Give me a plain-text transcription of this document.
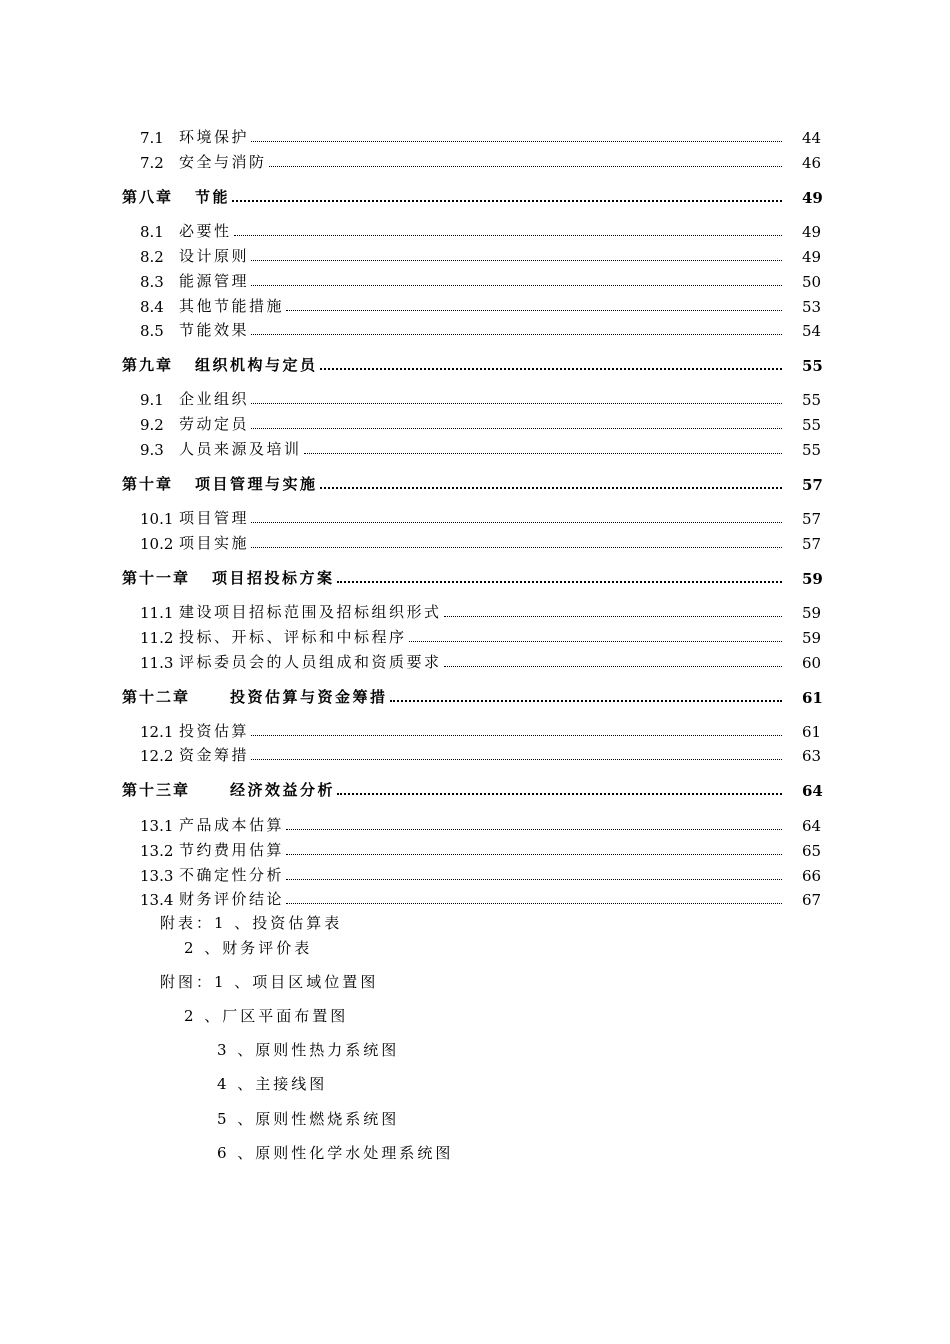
7.1	环境保护	44
7.2	安全与消防	46
第八章 节能	49
8.1	必要性	49
8.2	设计原则	49
8.3	能源管理	50
8.4	其他节能措施	53
8.5	节能效果	54
第九章 组织机构与定员	55
9.1	企业组织	55
9.2	劳动定员	55
9.3	人员来源及培训	55
第十章 项目管理与实施	57
10.1 项目管理	57
10.2 项目实施	57
第十一章 项目招投标方案	59
11.1 建设项目招标范围及招标组织形式	59
11.2 投标、开标、评标和中标程序	59
11.3 评标委员会的人员组成和资质要求	60
第十二章	投资估算与资金筹措	61
12.1 投资估算	61
12.2 资金筹措	63
第十三章	经济效益分析	64
13.1 产品成本估算	64
13.2 节约费用估算	65
13.3 不确定性分析	66
13.4 财务评价结论	67
附表：1 、投资估算表
2 、财务评价表
附图：1 、项目区域位置图
2 、厂区平面布置图
3 、原则性热力系统图
4 、主接线图
5 、原则性燃烧系统图
6 、原则性化学水处理系统图
